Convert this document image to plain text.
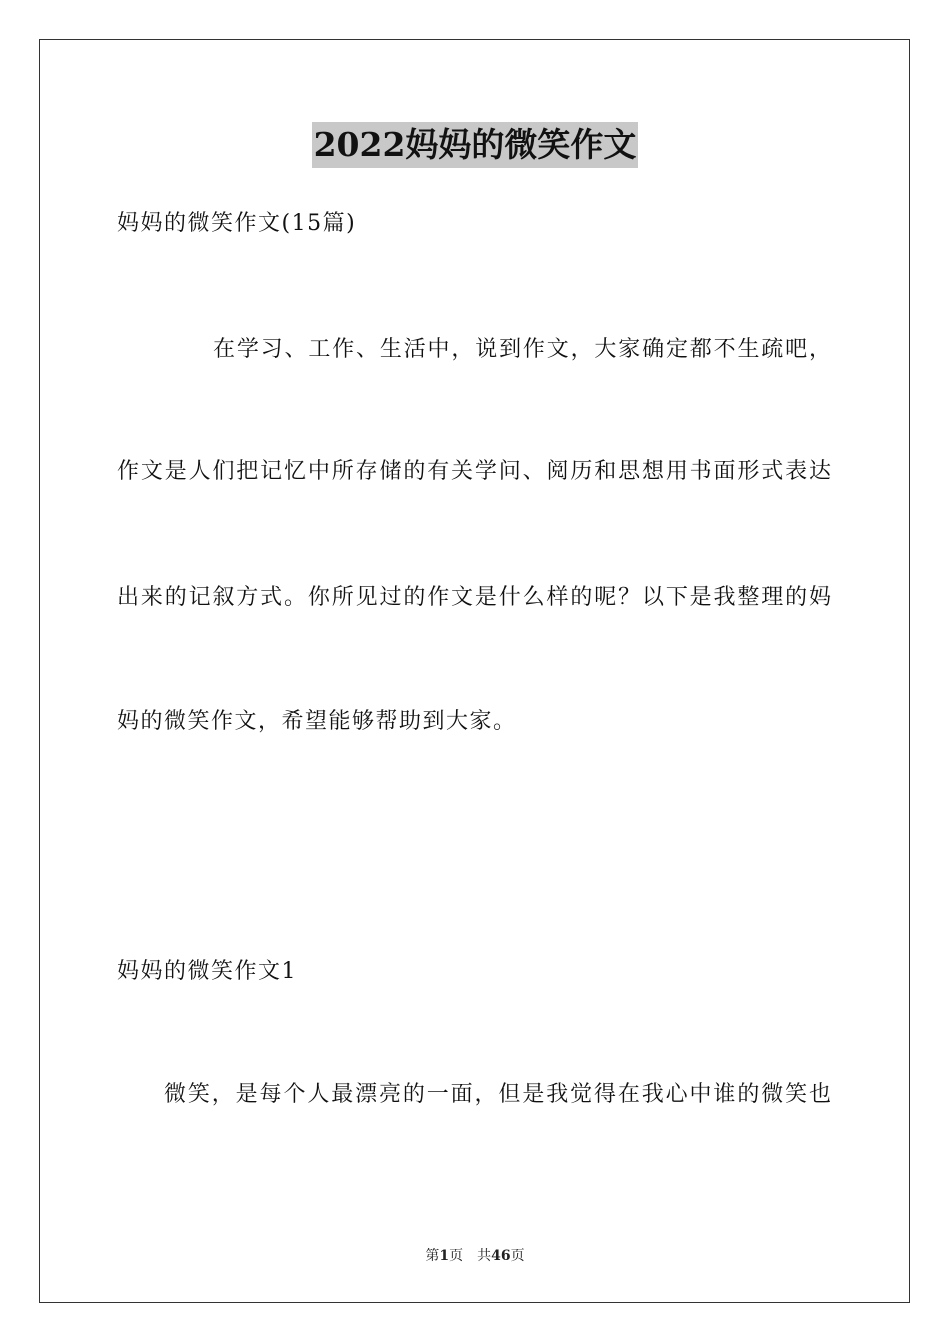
2022妈妈的微笑作文
妈妈的微笑作文(15篇)
在学习、工作、生活中，说到作文，大家确定都不生疏吧，
作文是人们把记忆中所存储的有关学问、阅历和思想用书面形式表达
出来的记叙方式。你所见过的作文是什么样的呢？以下是我整理的妈
妈的微笑作文，希望能够帮助到大家。
妈妈的微笑作文1
微笑，是每个人最漂亮的一面，但是我觉得在我心中谁的微笑也
第1页 共46页
